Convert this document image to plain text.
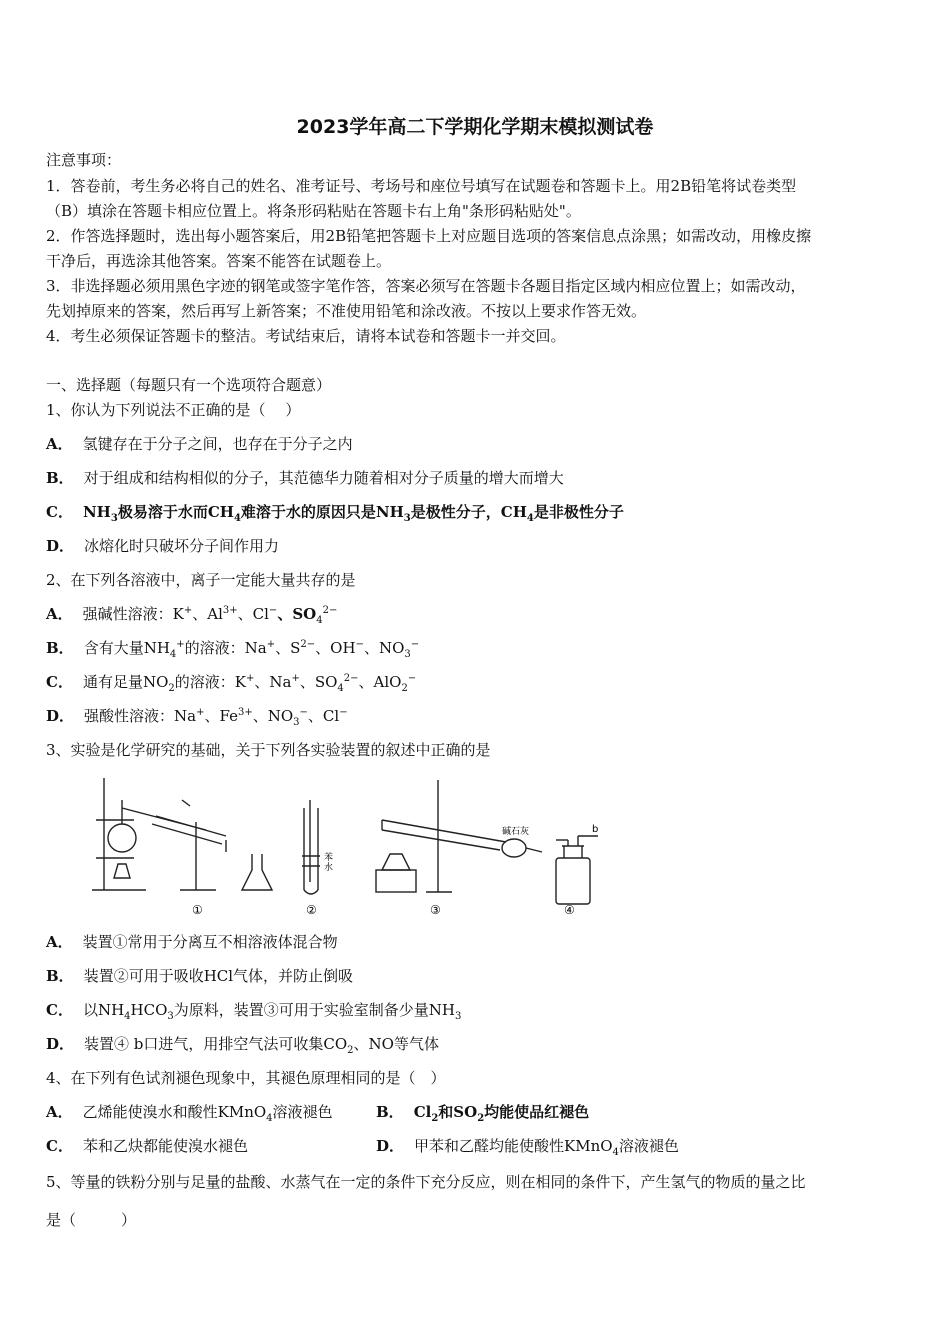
2023学年高二下学期化学期末模拟测试卷
注意事项：
1．答卷前，考生务必将自己的姓名、准考证号、考场号和座位号填写在试题卷和答题卡上。用2B铅笔将试卷类型
（B）填涂在答题卡相应位置上。将条形码粘贴在答题卡右上角"条形码粘贴处"。
2．作答选择题时，选出每小题答案后，用2B铅笔把答题卡上对应题目选项的答案信息点涂黑；如需改动，用橡皮擦
干净后，再选涂其他答案。答案不能答在试题卷上。
3．非选择题必须用黑色字迹的钢笔或签字笔作答，答案必须写在答题卡各题目指定区域内相应位置上；如需改动，
先划掉原来的答案，然后再写上新答案；不准使用铅笔和涂改液。不按以上要求作答无效。
4．考生必须保证答题卡的整洁。考试结束后，请将本试卷和答题卡一并交回。
一、选择题（每题只有一个选项符合题意）
1、你认为下列说法不正确的是（　 ）
A． 氢键存在于分子之间，也存在于分子之内
B． 对于组成和结构相似的分子，其范德华力随着相对分子质量的增大而增大
C． $NH_3$极易溶于水而$CH_4$难溶于水的原因只是$NH_3$是极性分子，$CH_4$是非极性分子
D． 冰熔化时只破坏分子间作用力
2、在下列各溶液中，离子一定能大量共存的是
A． 强碱性溶液：K+、$Al^{3+}$、Cl−、$SO_4^{2-}$
B． 含有大量$NH_4^+$的溶液：Na+、$S^{2-}$、OH−、$NO_3^-$
C． 通有足量$NO_2$的溶液：K+、Na+、$SO_4^{2-}$、AlO$_2$−
D． 强酸性溶液：Na+、$Fe^{3+}$、$NO_3^-$、Cl−
3、实验是化学研究的基础，关于下列各实验装置的叙述中正确的是
①	②	③	④
苯
水
碱石灰	b
A． 装置①常用于分离互不相溶液体混合物
B． 装置②可用于吸收HCl气体，并防止倒吸
C． 以$NH_4HCO_3$为原料，装置③可用于实验室制备少量$NH_3$
D． 装置④ b口进气，用排空气法可收集$CO_2$、NO等气体
4、在下列有色试剂褪色现象中，其褪色原理相同的是（　）
A． 乙烯能使溴水和酸性KMnO$_4$溶液褪色	B． $Cl_2$和$SO_2$均能使品红褪色
C． 苯和乙炔都能使溴水褪色	D． 甲苯和乙醛均能使酸性KMnO$_4$溶液褪色
5、等量的铁粉分别与足量的盐酸、水蒸气在一定的条件下充分反应，则在相同的条件下，产生氢气的物质的量之比
是（　　　）
